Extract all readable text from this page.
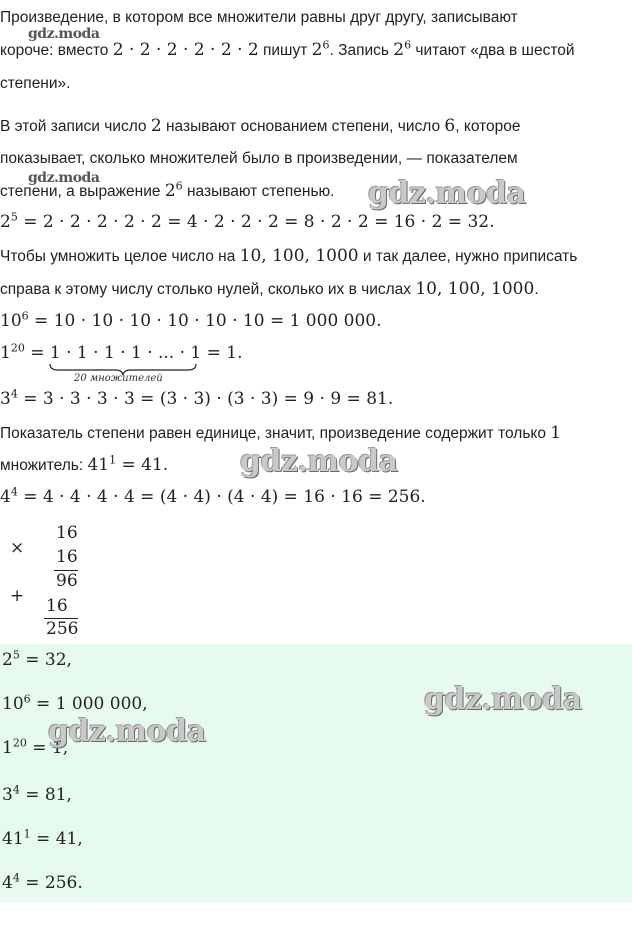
Произведение, в котором все множители равны друг другу, записывают
короче: вместо 2 · 2 · 2 · 2 · 2 · 2 пишут $2^6$. Запись $2^6$ читают «два в шестой
степени».
В этой записи число 2 называют основанием степени, число 6, которое
показывает, сколько множителей было в произведении, — показателем
степени, а выражение $2^6$ называют степенью.
$2^5 = 2 \cdot 2 \cdot 2 \cdot 2 \cdot 2 = 4 \cdot 2 \cdot 2 \cdot 2 = 8 \cdot 2 \cdot 2 = 16 \cdot 2 = 32$.
Чтобы умножить целое число на 10, 100, 1000 и так далее, нужно приписать
справа к этому числу столько нулей, сколько их в числах 10, 100, 1000.
$10^6 = 10 \cdot 10 \cdot 10 \cdot 10 \cdot 10 \cdot 10 = 1$ 000 000.
$1^{20} = 1 \cdot 1 \cdot 1 \cdot 1$ · ... · 1 = 1.
20 множителей
$3^4 = 3 \cdot 3 \cdot 3 \cdot 3 = (3 \cdot 3) \cdot (3 \cdot 3) = 9 \cdot 9 = 81$.
Показатель степени равен единице, значит, произведение содержит только 1
множитель: $41^1 = 41$.
$4^4 = 4 \cdot 4 \cdot 4 \cdot 4 = (4 \cdot 4) \cdot (4 \cdot 4) = 16 \cdot 16 = 256$.
×
16
16
96
+ 16
256
$2^5 = 32$,
$10^6 = 1$ 000 000,
$1^{20} = 1$,
$3^4 = 81$,
$41^1 = 41$,
$4^4 = 256$.
gdz.moda
gdz.moda	gdz.moda
gdz.moda
gdz.moda
gdz.moda
